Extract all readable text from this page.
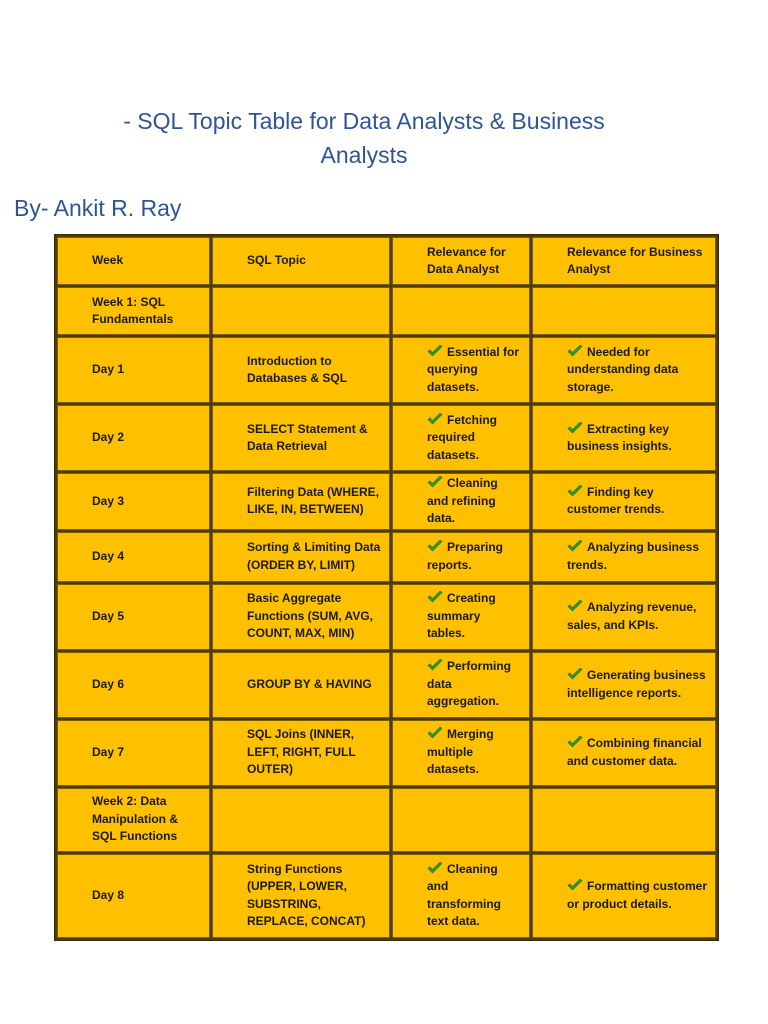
- SQL Topic Table for Data Analysts & Business
Analysts
By- Ankit R. Ray
Week	SQL Topic	Relevance for Data Analyst	Relevance for Business Analyst
Week 1: SQL Fundamentals			
Day 1	Introduction to Databases & SQL	Essential for querying datasets.	Needed for understanding data storage.
Day 2	SELECT Statement & Data Retrieval	Fetching required datasets.	Extracting key business insights.
Day 3	Filtering Data (WHERE, LIKE, IN, BETWEEN)	Cleaning and refining data.	Finding key customer trends.
Day 4	Sorting & Limiting Data (ORDER BY, LIMIT)	Preparing reports.	Analyzing business trends.
Day 5	Basic Aggregate Functions (SUM, AVG, COUNT, MAX, MIN)	Creating summary tables.	Analyzing revenue, sales, and KPIs.
Day 6	GROUP BY & HAVING	Performing data aggregation.	Generating business intelligence reports.
Day 7	SQL Joins (INNER, LEFT, RIGHT, FULL OUTER)	Merging multiple datasets.	Combining financial and customer data.
Week 2: Data Manipulation & SQL Functions			
Day 8	String Functions (UPPER, LOWER, SUBSTRING, REPLACE, CONCAT)	Cleaning and transforming text data.	Formatting customer or product details.
